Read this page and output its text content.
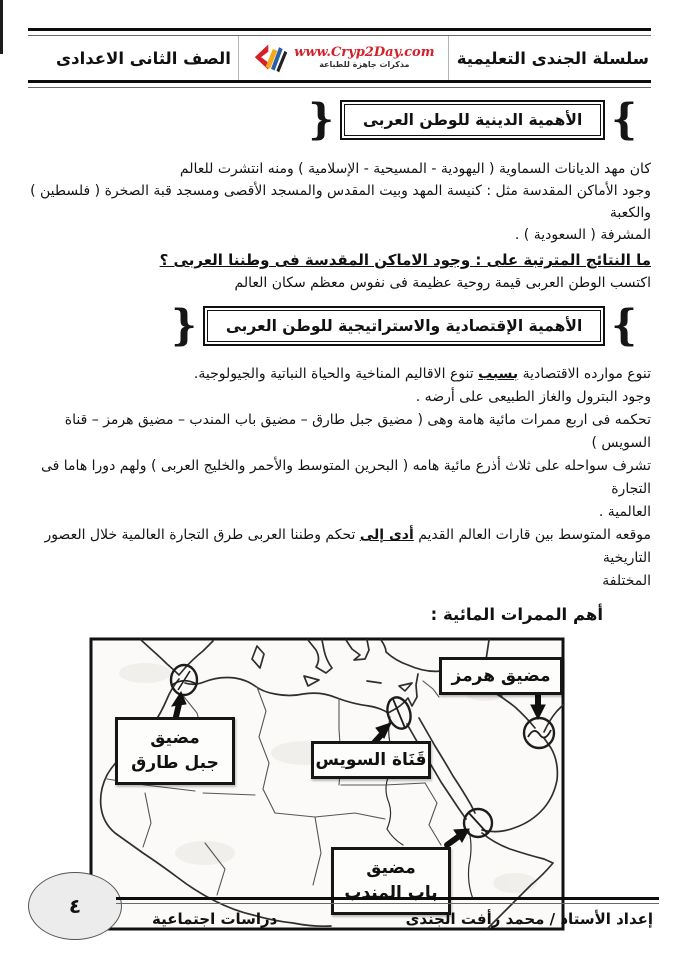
سلسلة الجندى التعليمية
www.Cryp2Day.com
مذكرات جاهزة للطباعة
الصف الثانى الاعدادى
}
الأهمية الدينية للوطن العربى
{
كان مهد الديانات السماوية ( اليهودية - المسيحية - الإسلامية ) ومنه انتشرت للعالم
وجود الأماكن المقدسة مثل : كنيسة المهد وبيت المقدس والمسجد الأقصى ومسجد قبة الصخرة ( فلسطين ) والكعبة
المشرفة ( السعودية ) .
ما النتائج المترتبة على : وجود الاماكن المقدسة فى وطننا العربى ؟
اكتسب الوطن العربى قيمة روحية عظيمة فى نفوس معظم سكان العالم
}
الأهمية الإقتصادية والاستراتيجية للوطن العربى
{
تنوع موارده الاقتصادية بسبب تنوع الاقاليم المناخية والحياة النباتية والجيولوجية.
وجود البترول والغاز الطبيعى على أرضه .
تحكمه فى اربع ممرات مائية هامة وهى ( مضيق جبل طارق – مضيق باب المندب – مضيق هرمز – قناة السويس )
تشرف سواحله على ثلاث أذرع مائية هامه ( البحرين المتوسط والأحمر والخليج العربى ) ولهم دورا هاما فى التجارة
العالمية .
موقعه المتوسط بين قارات العالم القديم أدى إلى تحكم وطننا العربى طرق التجارة العالمية خلال العصور التاريخية
المختلفة
أهم الممرات المائية :
مضيق هرمز
مضيق
جبل طارق	قَنَاة السويس
مضيق
باب المندب
٤
إعداد الأستاذ / محمد رأفت الجندى
دراسات اجتماعية
